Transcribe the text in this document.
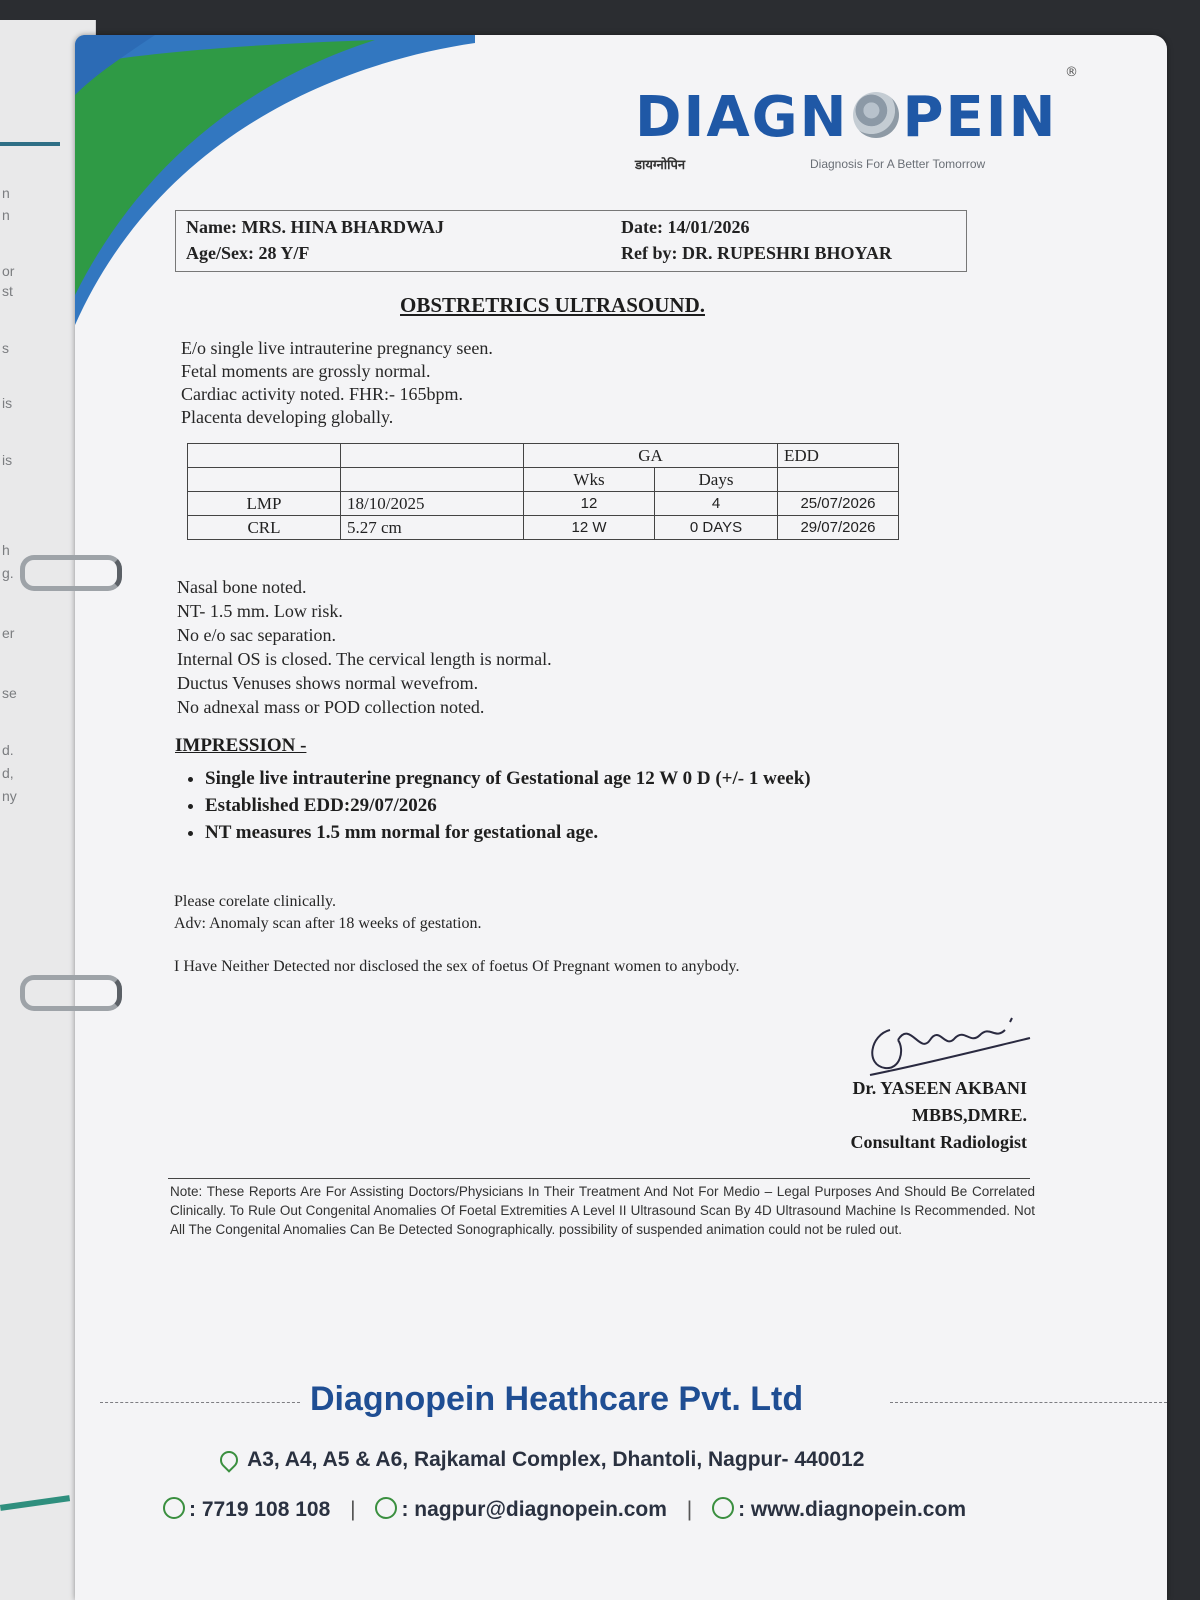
n
n
or
st
s
is
is
h
g.
er
se
d.
d,
ny
DIAGN PEIN
®
डायग्नोपिन	Diagnosis For A Better Tomorrow
Name: MRS. HINA BHARDWAJ
Age/Sex: 28 Y/F
Date: 14/01/2026
Ref by: DR. RUPESHRI BHOYAR
OBSTRETRICS ULTRASOUND.
E/o single live intrauterine pregnancy seen.
Fetal moments are grossly normal.
Cardiac activity noted. FHR:- 165bpm.
Placenta developing globally.
		GA		EDD
		Wks	Days	
LMP	18/10/2025	12	4	25/07/2026
CRL	5.27 cm	12 W	0 DAYS	29/07/2026
Nasal bone noted.
NT- 1.5 mm. Low risk.
No e/o sac separation.
Internal OS is closed. The cervical length is normal.
Ductus Venuses shows normal wevefrom.
No adnexal mass or POD collection noted.
IMPRESSION -
• Single live intrauterine pregnancy of Gestational age 12 W 0 D (+/- 1 week)
• Established EDD:29/07/2026
• NT measures 1.5 mm normal for gestational age.
Please corelate clinically.
Adv: Anomaly scan after 18 weeks of gestation.
I Have Neither Detected nor disclosed the sex of foetus Of Pregnant women to anybody.
Dr. YASEEN AKBANI
MBBS,DMRE.
Consultant Radiologist
Note: These Reports Are For Assisting Doctors/Physicians In Their Treatment And Not For Medio – Legal Purposes And Should Be Correlated Clinically. To Rule Out Congenital Anomalies Of Foetal Extremities A Level II Ultrasound Scan By 4D Ultrasound Machine Is Recommended. Not All The Congenital Anomalies Can Be Detected Sonographically. possibility of suspended animation could not be ruled out.
Diagnopein Heathcare Pvt. Ltd
A3, A4, A5 & A6, Rajkamal Complex, Dhantoli, Nagpur- 440012
: 7719 108 108 | : nagpur@diagnopein.com | : www.diagnopein.com
